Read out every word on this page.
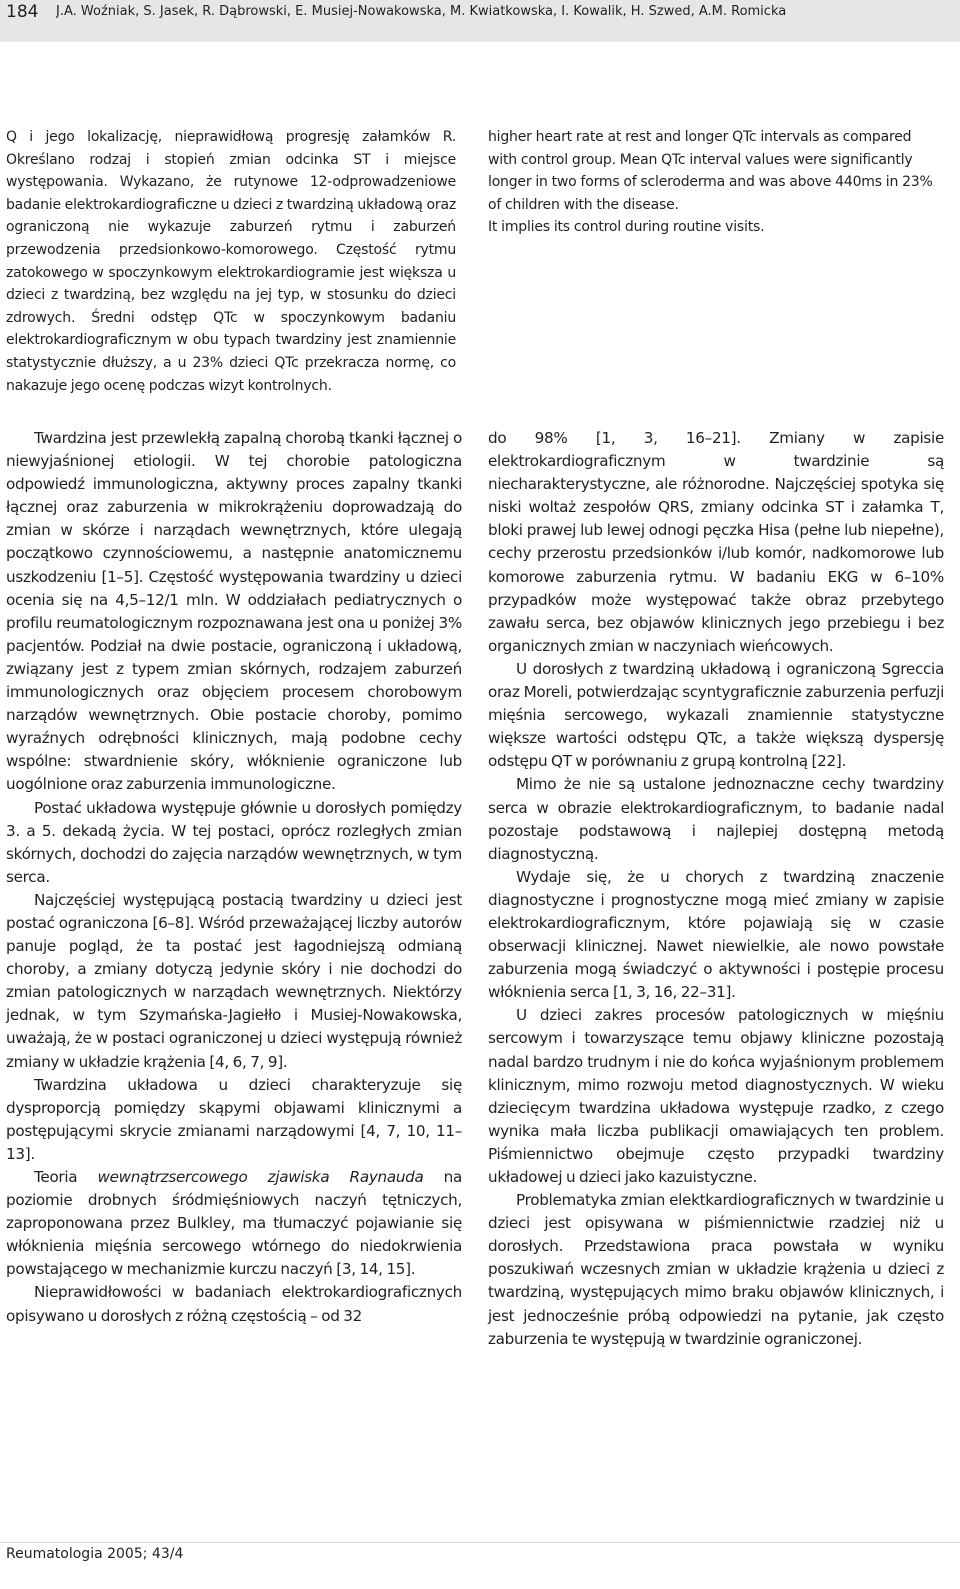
184 J.A. Woźniak, S. Jasek, R. Dąbrowski, E. Musiej-Nowakowska, M. Kwiatkowska, I. Kowalik, H. Szwed, A.M. Romicka

Q i jego lokalizację, nieprawidłową progresję załamków R. Określano rodzaj i stopień zmian odcinka ST i miejsce występowania. Wykazano, że rutynowe 12-odprowadzeniowe badanie elektrokardiograficzne u dzieci z twardziną układową oraz ograniczoną nie wykazuje zaburzeń rytmu i zaburzeń przewodzenia przedsionkowo-komorowego. Częstość rytmu zatokowego w spoczynkowym elektrokardiogramie jest większa u dzieci z twardziną, bez względu na jej typ, w stosunku do dzieci zdrowych. Średni odstęp QTc w spoczynkowym badaniu elektrokardiograficznym w obu typach twardziny jest znamiennie statystycznie dłuższy, a u 23% dzieci QTc przekracza normę, co nakazuje jego ocenę podczas wizyt kontrolnych.

higher heart rate at rest and longer QTc intervals as compared with control group. Mean QTc interval values were significantly longer in two forms of scleroderma and was above 440ms in 23% of children with the disease.

It implies its control during routine visits.

Twardzina jest przewlekłą zapalną chorobą tkanki łącznej o niewyjaśnionej etiologii. W tej chorobie patologiczna odpowiedź immunologiczna, aktywny proces zapalny tkanki łącznej oraz zaburzenia w mikrokrążeniu doprowadzają do zmian w skórze i narządach wewnętrznych, które ulegają początkowo czynnościowemu, a następnie anatomicznemu uszkodzeniu [1–5]. Częstość występowania twardziny u dzieci ocenia się na 4,5–12/1 mln. W oddziałach pediatrycznych o profilu reumatologicznym rozpoznawana jest ona u poniżej 3% pacjentów. Podział na dwie postacie, ograniczoną i układową, związany jest z typem zmian skórnych, rodzajem zaburzeń immunologicznych oraz objęciem procesem chorobowym narządów wewnętrznych. Obie postacie choroby, pomimo wyraźnych odrębności klinicznych, mają podobne cechy wspólne: stwardnienie skóry, włóknienie ograniczone lub uogólnione oraz zaburzenia immunologiczne.

Postać układowa występuje głównie u dorosłych pomiędzy 3. a 5. dekadą życia. W tej postaci, oprócz rozległych zmian skórnych, dochodzi do zajęcia narządów wewnętrznych, w tym serca.

Najczęściej występującą postacią twardziny u dzieci jest postać ograniczona [6–8]. Wśród przeważającej liczby autorów panuje pogląd, że ta postać jest łagodniejszą odmianą choroby, a zmiany dotyczą jedynie skóry i nie dochodzi do zmian patologicznych w narządach wewnętrznych. Niektórzy jednak, w tym Szymańska-Jagiełło i Musiej-Nowakowska, uważają, że w postaci ograniczonej u dzieci występują również zmiany w układzie krążenia [4, 6, 7, 9].

Twardzina układowa u dzieci charakteryzuje się dysproporcją pomiędzy skąpymi objawami klinicznymi a postępującymi skrycie zmianami narządowymi [4, 7, 10, 11–13].

Teoria wewnątrzsercowego zjawiska Raynauda na poziomie drobnych śródmięśniowych naczyń tętniczych, zaproponowana przez Bulkley, ma tłumaczyć pojawianie się włóknienia mięśnia sercowego wtórnego do niedokrwienia powstającego w mechanizmie kurczu naczyń [3, 14, 15].

Nieprawidłowości w badaniach elektrokardiograficznych opisywano u dorosłych z różną częstością – od 32

do 98% [1, 3, 16–21]. Zmiany w zapisie elektrokardiograficznym w twardzinie są niecharakterystyczne, ale różnorodne. Najczęściej spotyka się niski woltaż zespołów QRS, zmiany odcinka ST i załamka T, bloki prawej lub lewej odnogi pęczka Hisa (pełne lub niepełne), cechy przerostu przedsionków i/lub komór, nadkomorowe lub komorowe zaburzenia rytmu. W badaniu EKG w 6–10% przypadków może występować także obraz przebytego zawału serca, bez objawów klinicznych jego przebiegu i bez organicznych zmian w naczyniach wieńcowych.

U dorosłych z twardziną układową i ograniczoną Sgreccia oraz Moreli, potwierdzając scyntygraficznie zaburzenia perfuzji mięśnia sercowego, wykazali znamiennie statystyczne większe wartości odstępu QTc, a także większą dyspersję odstępu QT w porównaniu z grupą kontrolną [22].

Mimo że nie są ustalone jednoznaczne cechy twardziny serca w obrazie elektrokardiograficznym, to badanie nadal pozostaje podstawową i najlepiej dostępną metodą diagnostyczną.

Wydaje się, że u chorych z twardziną znaczenie diagnostyczne i prognostyczne mogą mieć zmiany w zapisie elektrokardiograficznym, które pojawiają się w czasie obserwacji klinicznej. Nawet niewielkie, ale nowo powstałe zaburzenia mogą świadczyć o aktywności i postępie procesu włóknienia serca [1, 3, 16, 22–31].

U dzieci zakres procesów patologicznych w mięśniu sercowym i towarzyszące temu objawy kliniczne pozostają nadal bardzo trudnym i nie do końca wyjaśnionym problemem klinicznym, mimo rozwoju metod diagnostycznych. W wieku dziecięcym twardzina układowa występuje rzadko, z czego wynika mała liczba publikacji omawiających ten problem. Piśmiennictwo obejmuje często przypadki twardziny układowej u dzieci jako kazuistyczne.

Problematyka zmian elektkardiograficznych w twardzinie u dzieci jest opisywana w piśmiennictwie rzadziej niż u dorosłych. Przedstawiona praca powstała w wyniku poszukiwań wczesnych zmian w układzie krążenia u dzieci z twardziną, występujących mimo braku objawów klinicznych, i jest jednocześnie próbą odpowiedzi na pytanie, jak często zaburzenia te występują w twardzinie ograniczonej.

Reumatologia 2005; 43/4
